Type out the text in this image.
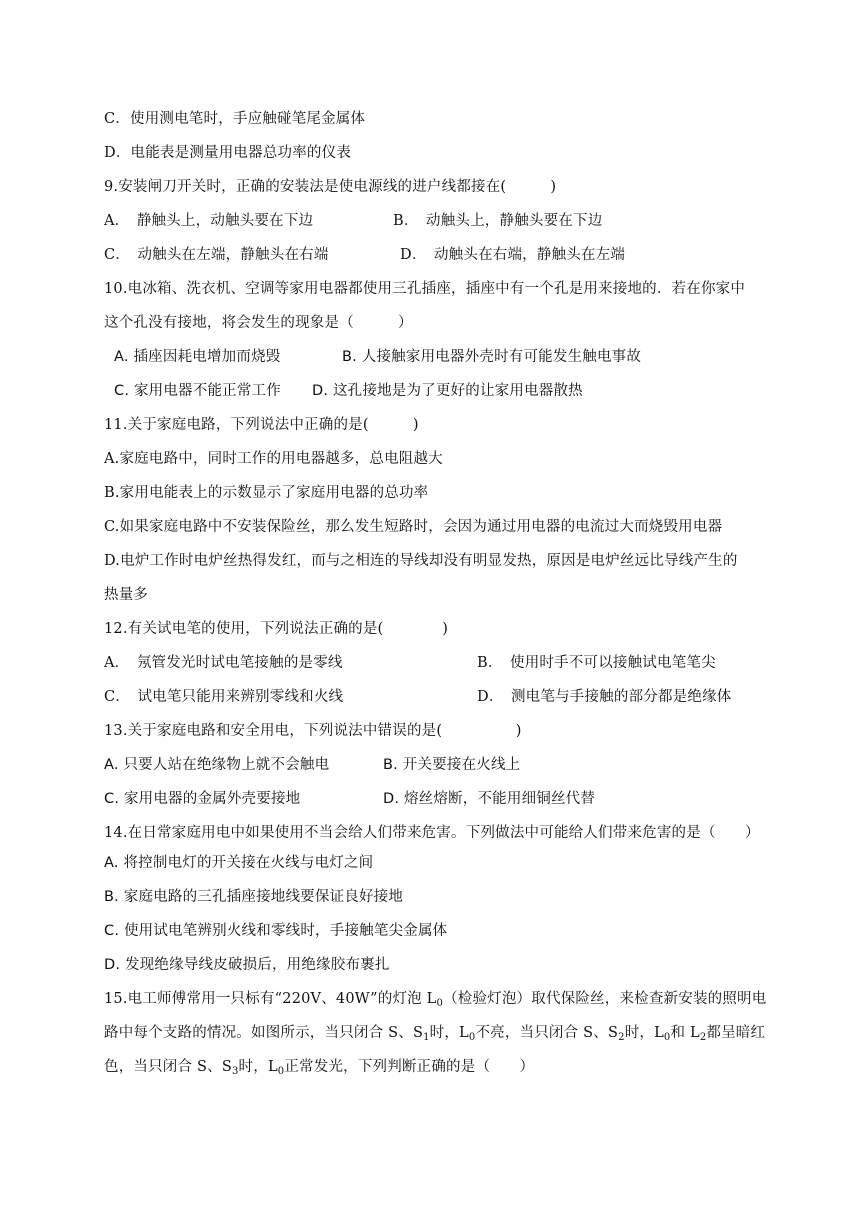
C．使用测电笔时，手应触碰笔尾金属体
D．电能表是测量用电器总功率的仪表
9.安装闸刀开关时，正确的安装法是使电源线的进户线都接在(　　　)
A．　静触头上，动触头要在下边	B．　动触头上，静触头要在下边
C．　动触头在左端，静触头在右端	D．　动触头在右端，静触头在左端
10.电冰箱、洗衣机、空调等家用电器都使用三孔插座，插座中有一个孔是用来接地的．若在你家中
这个孔没有接地，将会发生的现象是（　　　）
A. 插座因耗电增加而烧毁	B. 人接触家用电器外壳时有可能发生触电事故
C. 家用电器不能正常工作 D. 这孔接地是为了更好的让家用电器散热
11.关于家庭电路，下列说法中正确的是(　　　)
A.家庭电路中，同时工作的用电器越多，总电阻越大
B.家用电能表上的示数显示了家庭用电器的总功率
C.如果家庭电路中不安装保险丝，那么发生短路时，会因为通过用电器的电流过大而烧毁用电器
D.电炉工作时电炉丝热得发红，而与之相连的导线却没有明显发热，原因是电炉丝远比导线产生的
热量多
12.有关试电笔的使用，下列说法正确的是(　　　　)
A．　氖管发光时试电笔接触的是零线	B．　使用时手不可以接触试电笔笔尖
C．　试电笔只能用来辨别零线和火线	D．　测电笔与手接触的部分都是绝缘体
13.关于家庭电路和安全用电，下列说法中错误的是(　　　　　)
A. 只要人站在绝缘物上就不会触电	B. 开关要接在火线上
C. 家用电器的金属外壳要接地	D. 熔丝熔断，不能用细铜丝代替
14.在日常家庭用电中如果使用不当会给人们带来危害。下列做法中可能给人们带来危害的是（　　）
A. 将控制电灯的开关接在火线与电灯之间
B. 家庭电路的三孔插座接地线要保证良好接地
C. 使用试电笔辨别火线和零线时，手接触笔尖金属体
D. 发现绝缘导线皮破损后，用绝缘胶布裹扎
15.电工师傅常用一只标有“220V、40W”的灯泡 $L_0$（检验灯泡）取代保险丝，来检查新安装的照明电
路中每个支路的情况。如图所示，当只闭合 S、$S_1$时，$L_0$不亮，当只闭合 S、$S_2$时，$L_0$和 $L_2$都呈暗红
色，当只闭合 S、$S_3$时，$L_0$正常发光，下列判断正确的是（　　）
